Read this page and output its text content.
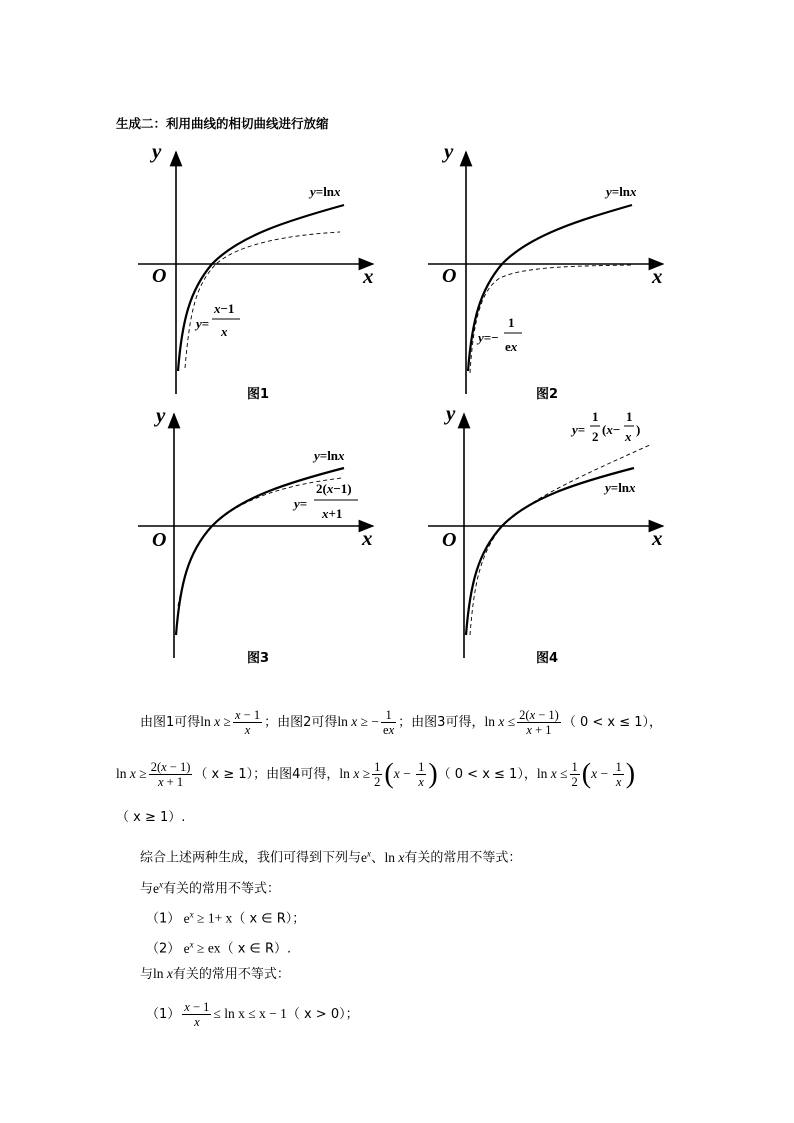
生成二：利用曲线的相切曲线进行放缩
y
x
O
y=lnx
y=
x−1
x
图1
y
x
O
y=lnx
y=−
1
ex
图2
y
x
O
y=lnx
y=
2(x−1)
x+1
图3
y
x
O
y=lnx
y=
1
2 (x−
1
x )
图4
由图1可得$\ln x \ge \frac{x - 1}{x}$ ；由图2可得ln x ≥ − $\frac{1}{ex}$ ；由图3可得，$\ln x \le \frac{2(x - 1)}{x + 1}$ （ 0 < x ≤ 1），
$\ln x \ge \frac{2(x - 1)}{x + 1}$ （ x ≥ 1）；由图4可得，$\ln x \ge \frac{1}{2} (x - \frac{1}{x}$ )（ 0 < x ≤ 1），$\ln x \le \frac{1}{2} (x - \frac{1}{x}$ )
（ x ≥ 1）.
综合上述两种生成，我们可得到下列与$e^x$、ln x有关的常用不等式：
与$e^x$有关的常用不等式：
（1） $e^x \ge 1+ x$（ x ∈ R）；
（2） $e^x \ge ex$（ x ∈ R）.
与ln x有关的常用不等式：
$(1) \frac{x - 1}{x} \le \ln x \le x - 1$（ x > 0）；
